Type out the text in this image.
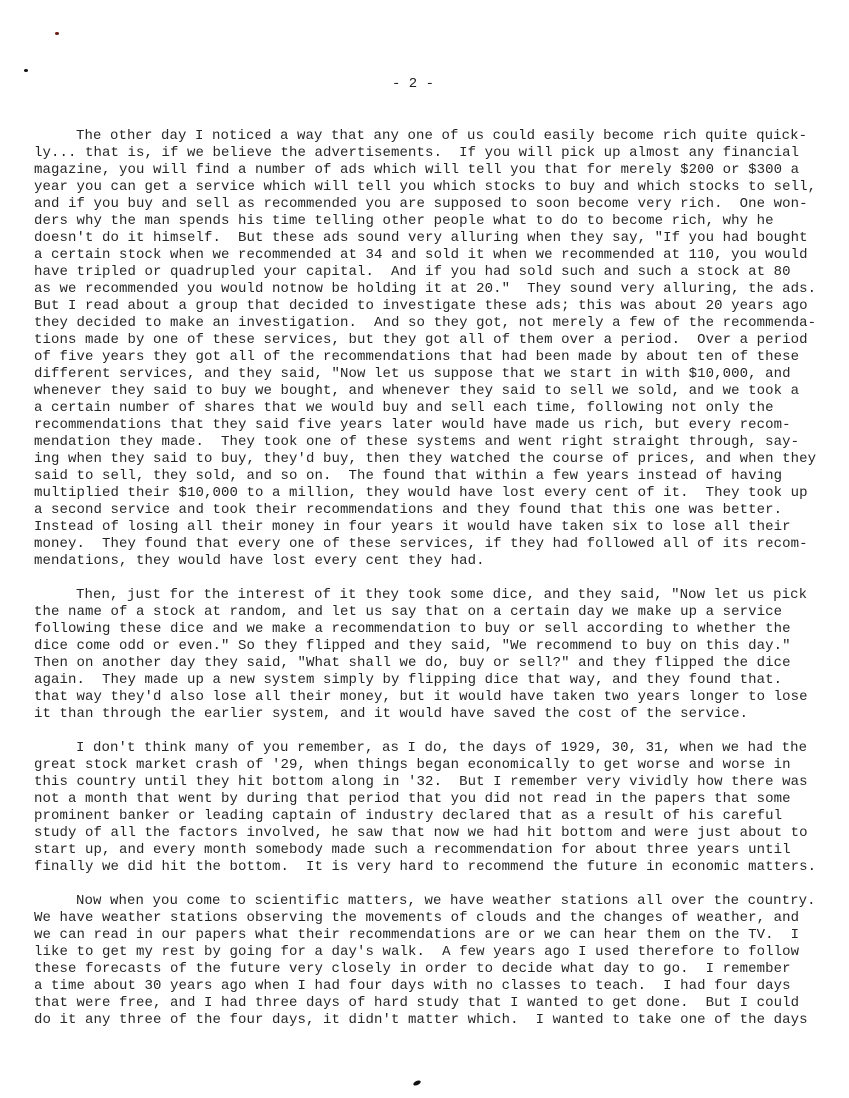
- 2 -
The other day I noticed a way that any one of us could easily become rich quite quick-
ly... that is, if we believe the advertisements.  If you will pick up almost any financial
magazine, you will find a number of ads which will tell you that for merely $200 or $300 a
year you can get a service which will tell you which stocks to buy and which stocks to sell,
and if you buy and sell as recommended you are supposed to soon become very rich.  One won-
ders why the man spends his time telling other people what to do to become rich, why he
doesn't do it himself.  But these ads sound very alluring when they say, "If you had bought
a certain stock when we recommended at 34 and sold it when we recommended at 110, you would
have tripled or quadrupled your capital.  And if you had sold such and such a stock at 80
as we recommended you would notnow be holding it at 20."  They sound very alluring, the ads.
But I read about a group that decided to investigate these ads; this was about 20 years ago
they decided to make an investigation.  And so they got, not merely a few of the recommenda-
tions made by one of these services, but they got all of them over a period.  Over a period
of five years they got all of the recommendations that had been made by about ten of these
different services, and they said, "Now let us suppose that we start in with $10,000, and
whenever they said to buy we bought, and whenever they said to sell we sold, and we took a
a certain number of shares that we would buy and sell each time, following not only the
recommendations that they said five years later would have made us rich, but every recom-
mendation they made.  They took one of these systems and went right straight through, say-
ing when they said to buy, they'd buy, then they watched the course of prices, and when they
said to sell, they sold, and so on.  The found that within a few years instead of having
multiplied their $10,000 to a million, they would have lost every cent of it.  They took up
a second service and took their recommendations and they found that this one was better.
Instead of losing all their money in four years it would have taken six to lose all their
money.  They found that every one of these services, if they had followed all of its recom-
mendations, they would have lost every cent they had.
Then, just for the interest of it they took some dice, and they said, "Now let us pick
the name of a stock at random, and let us say that on a certain day we make up a service
following these dice and we make a recommendation to buy or sell according to whether the
dice come odd or even." So they flipped and they said, "We recommend to buy on this day."
Then on another day they said, "What shall we do, buy or sell?" and they flipped the dice
again.  They made up a new system simply by flipping dice that way, and they found that.
that way they'd also lose all their money, but it would have taken two years longer to lose
it than through the earlier system, and it would have saved the cost of the service.
I don't think many of you remember, as I do, the days of 1929, 30, 31, when we had the
great stock market crash of '29, when things began economically to get worse and worse in
this country until they hit bottom along in '32.  But I remember very vividly how there was
not a month that went by during that period that you did not read in the papers that some
prominent banker or leading captain of industry declared that as a result of his careful
study of all the factors involved, he saw that now we had hit bottom and were just about to
start up, and every month somebody made such a recommendation for about three years until
finally we did hit the bottom.  It is very hard to recommend the future in economic matters.
Now when you come to scientific matters, we have weather stations all over the country.
We have weather stations observing the movements of clouds and the changes of weather, and
we can read in our papers what their recommendations are or we can hear them on the TV.  I
like to get my rest by going for a day's walk.  A few years ago I used therefore to follow
these forecasts of the future very closely in order to decide what day to go.  I remember
a time about 30 years ago when I had four days with no classes to teach.  I had four days
that were free, and I had three days of hard study that I wanted to get done.  But I could
do it any three of the four days, it didn't matter which.  I wanted to take one of the days
